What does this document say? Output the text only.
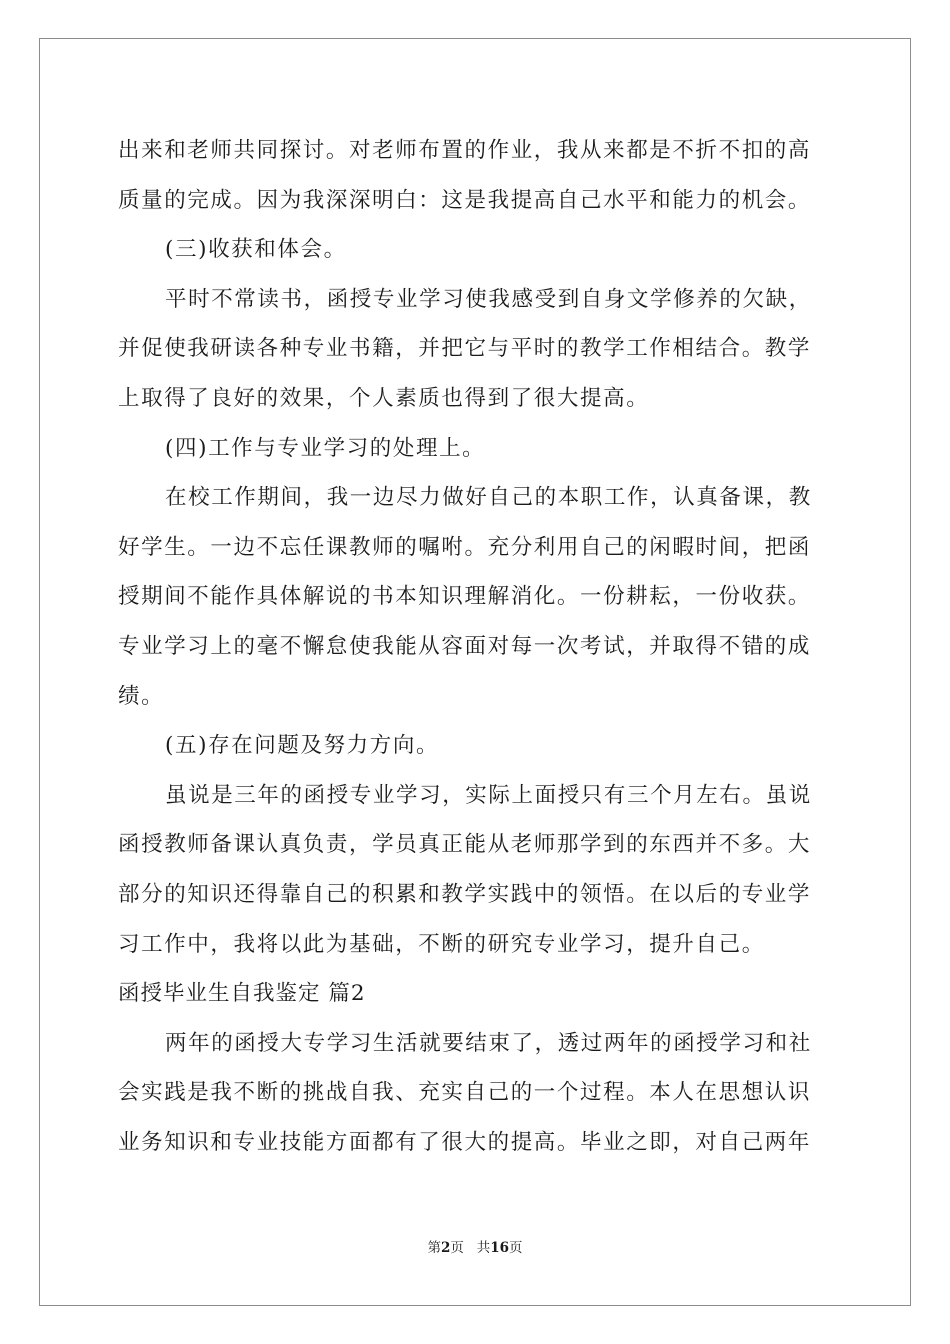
出来和老师共同探讨。对老师布置的作业，我从来都是不折不扣的高
质量的完成。因为我深深明白：这是我提高自己水平和能力的机会。
(三)收获和体会。
平时不常读书，函授专业学习使我感受到自身文学修养的欠缺，
并促使我研读各种专业书籍，并把它与平时的教学工作相结合。教学
上取得了良好的效果，个人素质也得到了很大提高。
(四)工作与专业学习的处理上。
在校工作期间，我一边尽力做好自己的本职工作，认真备课，教
好学生。一边不忘任课教师的嘱咐。充分利用自己的闲暇时间，把函
授期间不能作具体解说的书本知识理解消化。一份耕耘，一份收获。
专业学习上的毫不懈怠使我能从容面对每一次考试，并取得不错的成
绩。
(五)存在问题及努力方向。
虽说是三年的函授专业学习，实际上面授只有三个月左右。虽说
函授教师备课认真负责，学员真正能从老师那学到的东西并不多。大
部分的知识还得靠自己的积累和教学实践中的领悟。在以后的专业学
习工作中，我将以此为基础，不断的研究专业学习，提升自己。
函授毕业生自我鉴定 篇2
两年的函授大专学习生活就要结束了，透过两年的函授学习和社
会实践是我不断的挑战自我、充实自己的一个过程。本人在思想认识
业务知识和专业技能方面都有了很大的提高。毕业之即，对自己两年
第2页   共16页
